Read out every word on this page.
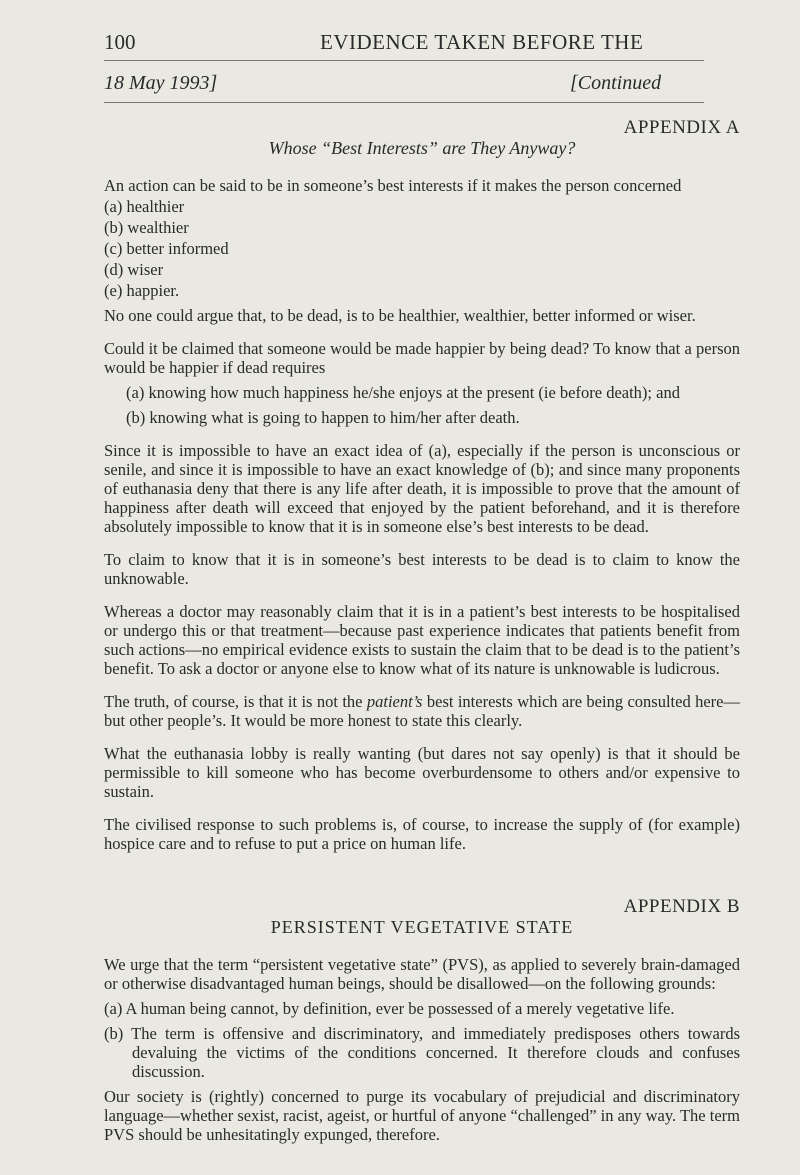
100	EVIDENCE TAKEN BEFORE THE
18 May 1993]	[Continued
APPENDIX A
Whose “Best Interests” are They Anyway?

An action can be said to be in someone’s best interests if it makes the person concerned

(a) healthier

(b) wealthier

(c) better informed

(d) wiser

(e) happier.

No one could argue that, to be dead, is to be healthier, wealthier, better informed or wiser.

Could it be claimed that someone would be made happier by being dead? To know that a person would be happier if dead requires

(a) knowing how much happiness he/she enjoys at the present (ie before death); and

(b) knowing what is going to happen to him/her after death.

Since it is impossible to have an exact idea of (a), especially if the person is unconscious or senile, and since it is impossible to have an exact knowledge of (b); and since many proponents of euthanasia deny that there is any life after death, it is impossible to prove that the amount of happiness after death will exceed that enjoyed by the patient beforehand, and it is therefore absolutely impossible to know that it is in someone else’s best interests to be dead.

To claim to know that it is in someone’s best interests to be dead is to claim to know the unknowable.

Whereas a doctor may reasonably claim that it is in a patient’s best interests to be hospitalised or undergo this or that treatment—because past experience indicates that patients benefit from such actions—no empirical evidence exists to sustain the claim that to be dead is to the patient’s benefit. To ask a doctor or anyone else to know what of its nature is unknowable is ludicrous.

The truth, of course, is that it is not the patient’s best interests which are being consulted here—but other people’s. It would be more honest to state this clearly.

What the euthanasia lobby is really wanting (but dares not say openly) is that it should be permissible to kill someone who has become overburdensome to others and/or expensive to sustain.

The civilised response to such problems is, of course, to increase the supply of (for example) hospice care and to refuse to put a price on human life.

APPENDIX B
PERSISTENT VEGETATIVE STATE

We urge that the term “persistent vegetative state” (PVS), as applied to severely brain-damaged or otherwise disadvantaged human beings, should be disallowed—on the following grounds:

(a) A human being cannot, by definition, ever be possessed of a merely vegetative life.

(b) The term is offensive and discriminatory, and immediately predisposes others towards devaluing the victims of the conditions concerned. It therefore clouds and confuses discussion.

Our society is (rightly) concerned to purge its vocabulary of prejudicial and discriminatory language—whether sexist, racist, ageist, or hurtful of anyone “challenged” in any way. The term PVS should be unhesitatingly expunged, therefore.
